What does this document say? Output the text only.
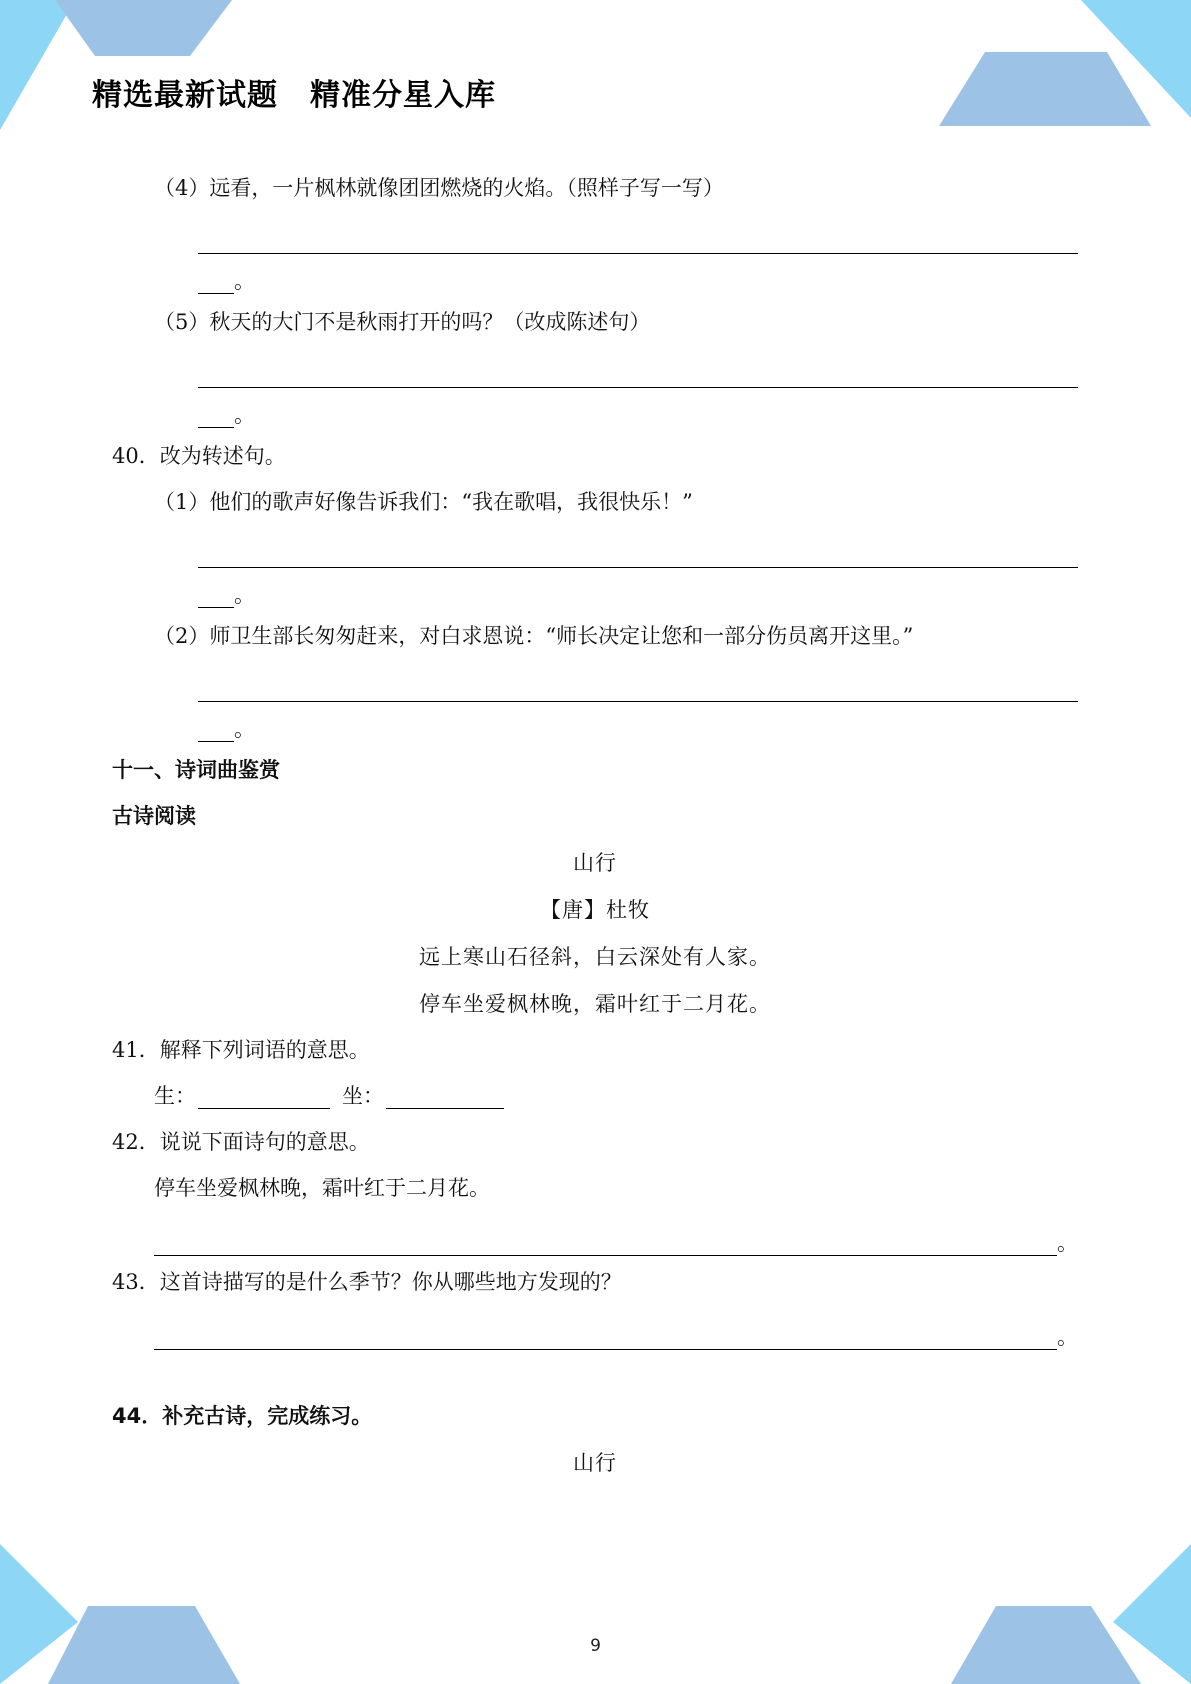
精选最新试题 精准分星入库

（4）远看，一片枫林就像团团燃烧的火焰。（照样子写一写）

。

（5）秋天的大门不是秋雨打开的吗？（改成陈述句）

。

40．改为转述句。

（1）他们的歌声好像告诉我们：“我在歌唱，我很快乐！”

。

（2）师卫生部长匆匆赶来，对白求恩说：“师长决定让您和一部分伤员离开这里。”

。

十一、诗词曲鉴赏

古诗阅读

山行
【唐】杜牧
远上寒山石径斜，白云深处有人家。
停车坐爱枫林晚，霜叶红于二月花。

41．解释下列词语的意思。

生：	坐：

42．说说下面诗句的意思。

停车坐爱枫林晚，霜叶红于二月花。

。

43．这首诗描写的是什么季节？你从哪些地方发现的？

。

44．补充古诗，完成练习。

山行
9
